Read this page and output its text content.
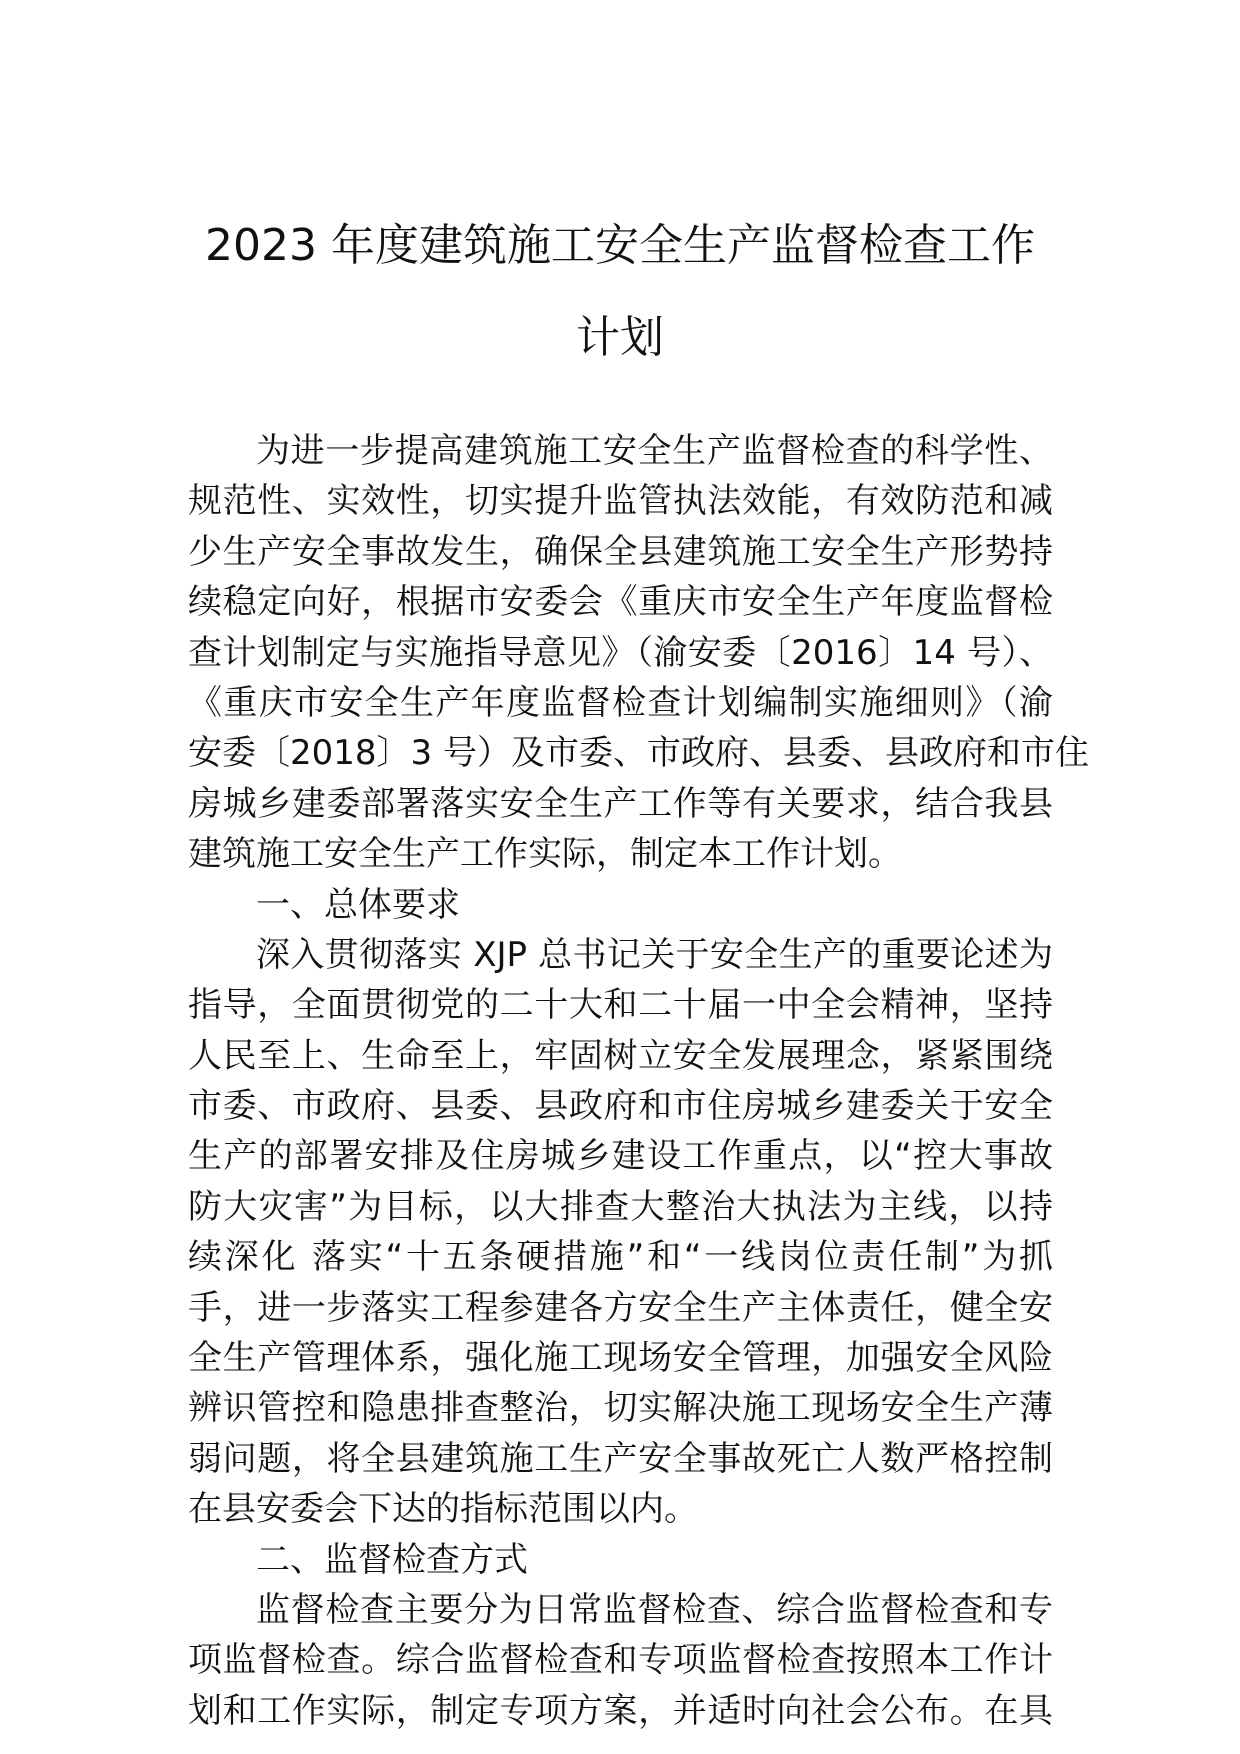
2023 年度建筑施工安全生产监督检查工作
计划
为进一步提高建筑施工安全生产监督检查的科学性、
规范性、实效性，切实提升监管执法效能，有效防范和减
少生产安全事故发生，确保全县建筑施工安全生产形势持
续稳定向好，根据市安委会《重庆市安全生产年度监督检
查计划制定与实施指导意见》（渝安委〔2016〕14 号）、
《重庆市安全生产年度监督检查计划编制实施细则》（渝
安委〔2018〕3 号）及市委、市政府、县委、县政府和市住
房城乡建委部署落实安全生产工作等有关要求，结合我县
建筑施工安全生产工作实际，制定本工作计划。
一、总体要求
深入贯彻落实 XJP 总书记关于安全生产的重要论述为
指导，全面贯彻党的二十大和二十届一中全会精神，坚持
人民至上、生命至上，牢固树立安全发展理念，紧紧围绕
市委、市政府、县委、县政府和市住房城乡建委关于安全
生产的部署安排及住房城乡建设工作重点，以“控大事故
防大灾害”为目标，以大排查大整治大执法为主线，以持
续深化 落实“十五条硬措施”和“一线岗位责任制”为抓
手，进一步落实工程参建各方安全生产主体责任，健全安
全生产管理体系，强化施工现场安全管理，加强安全风险
辨识管控和隐患排查整治，切实解决施工现场安全生产薄
弱问题，将全县建筑施工生产安全事故死亡人数严格控制
在县安委会下达的指标范围以内。
二、监督检查方式
监督检查主要分为日常监督检查、综合监督检查和专
项监督检查。综合监督检查和专项监督检查按照本工作计
划和工作实际，制定专项方案，并适时向社会公布。在具
